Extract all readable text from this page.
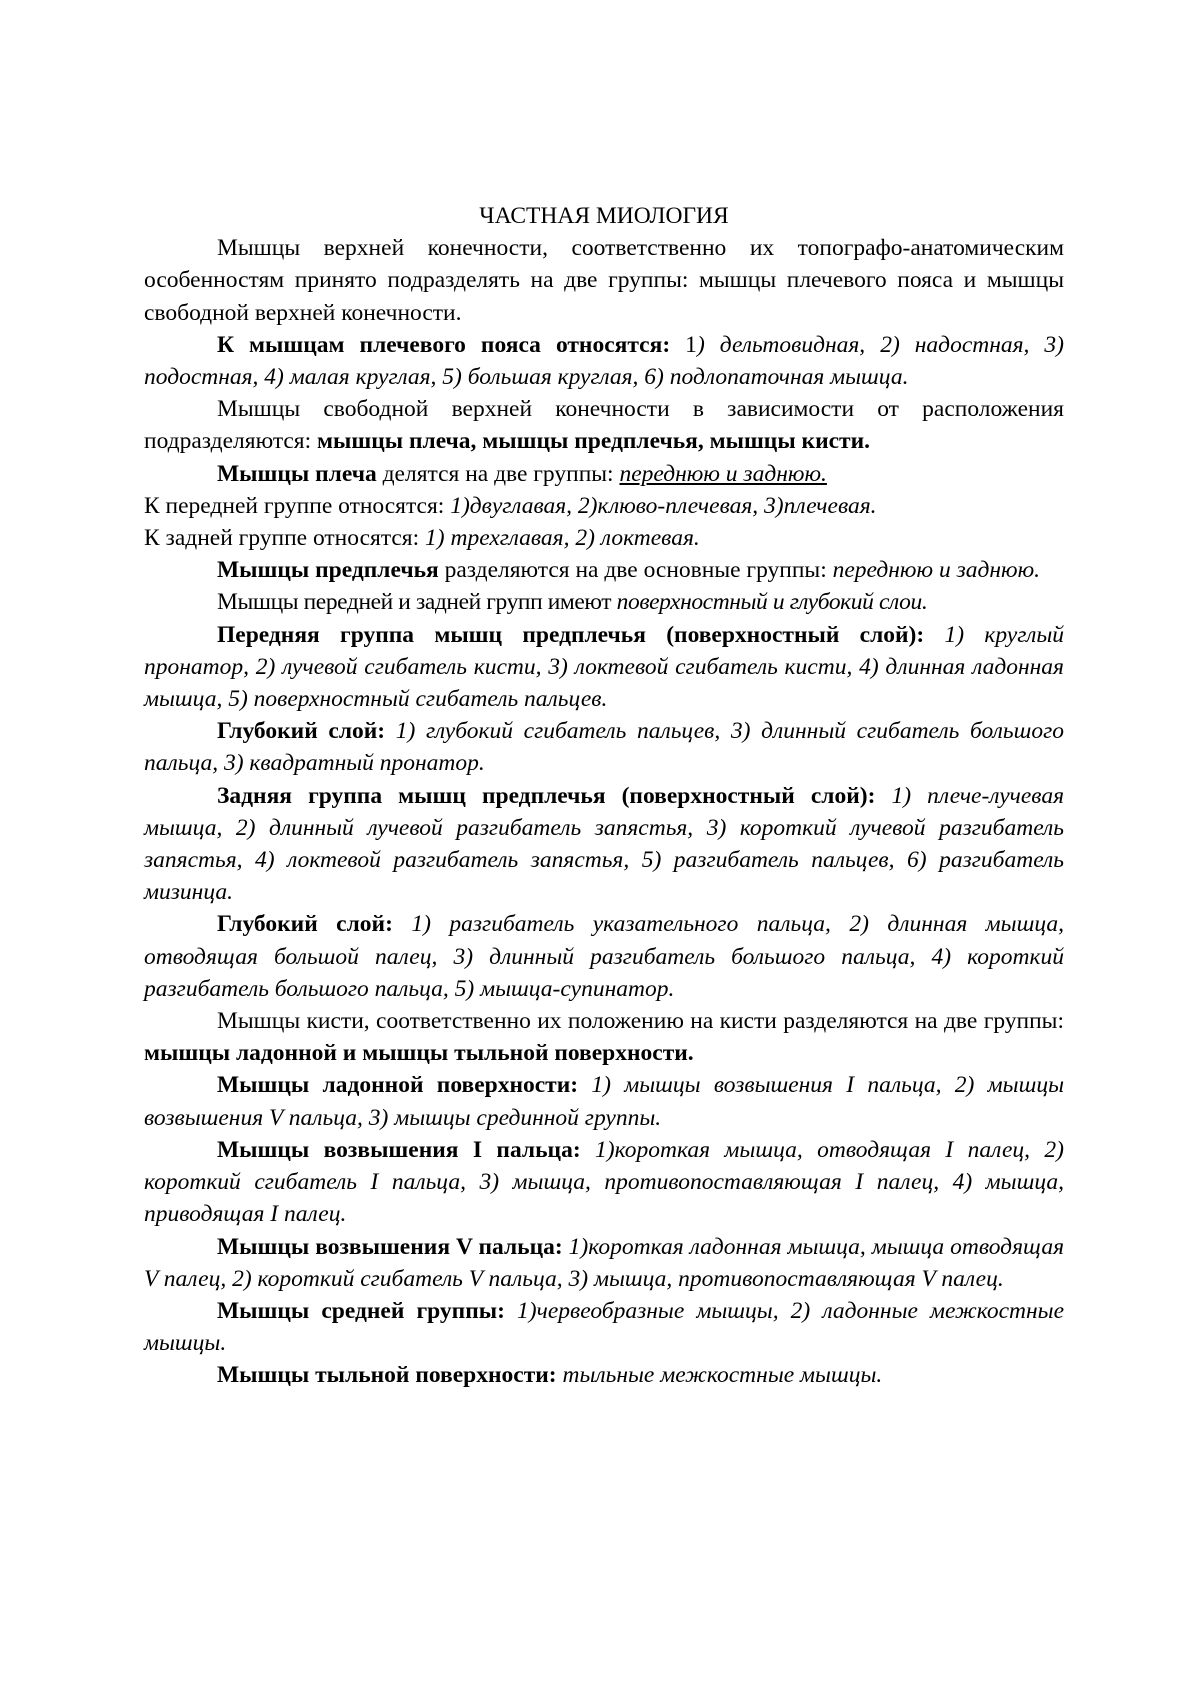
ЧАСТНАЯ МИОЛОГИЯ

Мышцы верхней конечности, соответственно их топографо-анатомическим особенностям принято подразделять на две группы: мышцы плечевого пояса и мышцы свободной верхней конечности.

К мышцам плечевого пояса относятся: 1) дельтовидная, 2) надостная, 3) подостная, 4) малая круглая, 5) большая круглая, 6) подлопаточная мышца.

Мышцы свободной верхней конечности в зависимости от расположения подразделяются: мышцы плеча, мышцы предплечья, мышцы кисти.

Мышцы плеча делятся на две группы: переднюю и заднюю.

К передней группе относятся: 1)двуглавая, 2)клюво-плечевая, 3)плечевая.

К задней группе относятся: 1) трехглавая, 2) локтевая.

Мышцы предплечья разделяются на две основные группы: переднюю и заднюю.

Мышцы передней и задней групп имеют поверхностный и глубокий слои.

Передняя группа мышц предплечья (поверхностный слой): 1) круглый пронатор, 2) лучевой сгибатель кисти, 3) локтевой сгибатель кисти, 4) длинная ладонная мышца, 5) поверхностный сгибатель пальцев.

Глубокий слой: 1) глубокий сгибатель пальцев, 3) длинный сгибатель большого пальца, 3) квадратный пронатор.

Задняя группа мышц предплечья (поверхностный слой): 1) плече-лучевая мышца, 2) длинный лучевой разгибатель запястья, 3) короткий лучевой разгибатель запястья, 4) локтевой разгибатель запястья, 5) разгибатель пальцев, 6) разгибатель мизинца.

Глубокий слой: 1) разгибатель указательного пальца, 2) длинная мышца, отводящая большой палец, 3) длинный разгибатель большого пальца, 4) короткий разгибатель большого пальца, 5) мышца-супинатор.

Мышцы кисти, соответственно их положению на кисти разделяются на две группы: мышцы ладонной и мышцы тыльной поверхности.

Мышцы ладонной поверхности: 1) мышцы возвышения I пальца, 2) мышцы возвышения V пальца, 3) мышцы срединной группы.

Мышцы возвышения I пальца: 1)короткая мышца, отводящая I палец, 2) короткий сгибатель I пальца, 3) мышца, противопоставляющая I палец, 4) мышца, приводящая I палец.

Мышцы возвышения V пальца: 1)короткая ладонная мышца, мышца отводящая V палец, 2) короткий сгибатель V пальца, 3) мышца, противопоставляющая V палец.

Мышцы средней группы: 1)червеобразные мышцы, 2) ладонные межкостные мышцы.

Мышцы тыльной поверхности: тыльные межкостные мышцы.
